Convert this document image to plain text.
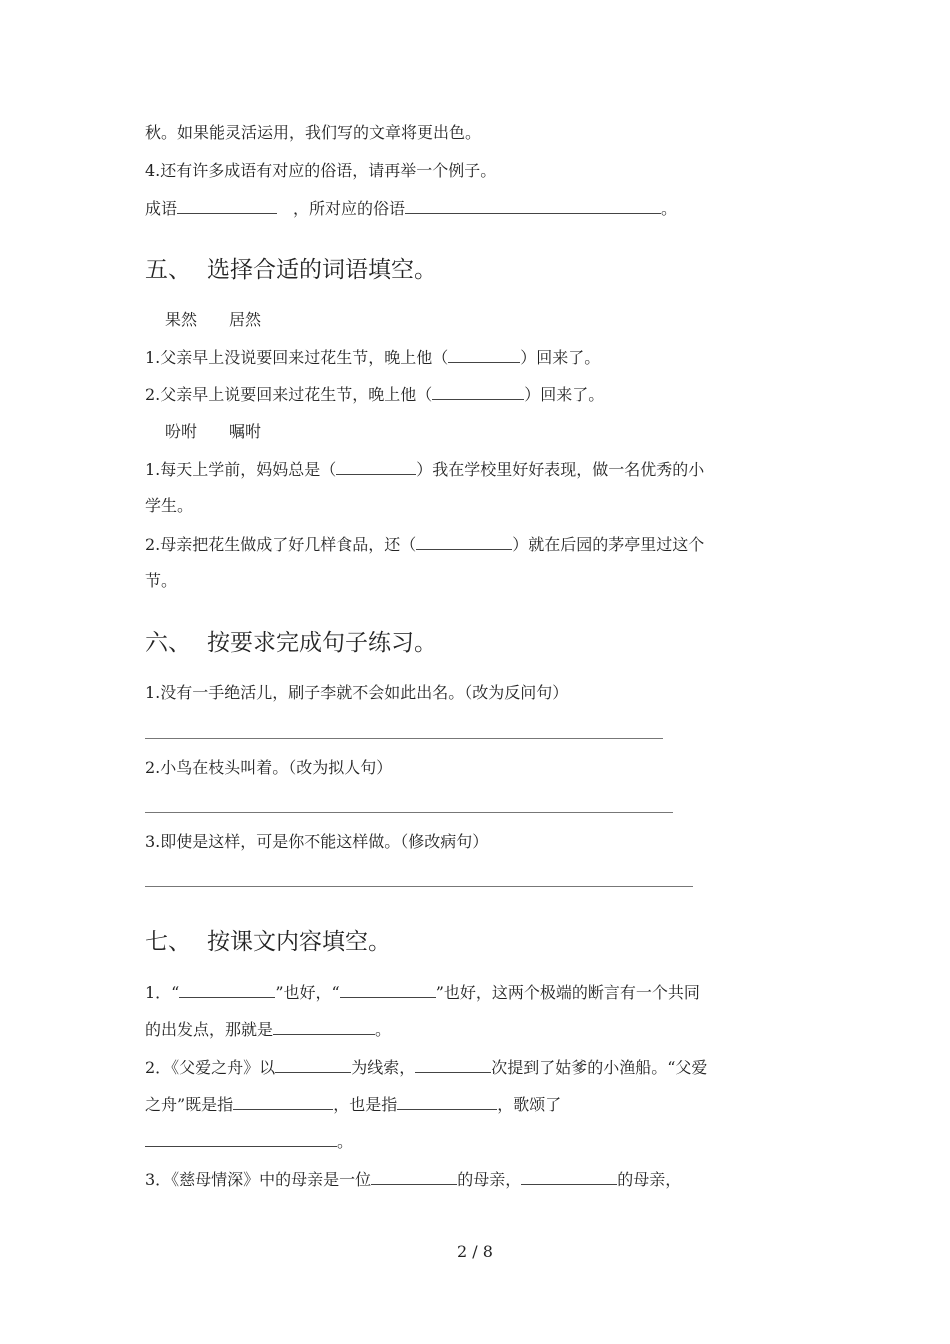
秋。如果能灵活运用，我们写的文章将更出色。
4.还有许多成语有对应的俗语，请再举一个例子。
成语　	，所对应的俗语	。
五、 选择合适的词语填空。
果然　　居然
1.父亲早上没说要回来过花生节，晚上他（	）回来了。
2.父亲早上说要回来过花生节，晚上他（	）回来了。
吩咐　　嘱咐
1.每天上学前，妈妈总是（	）我在学校里好好表现，做一名优秀的小
学生。
2.母亲把花生做成了好几样食品，还（	）就在后园的茅亭里过这个
节。
六、 按要求完成句子练习。
1.没有一手绝活儿，刷子李就不会如此出名。（改为反问句）
2.小鸟在枝头叫着。（改为拟人句）
3.即使是这样，可是你不能这样做。（修改病句）
七、 按课文内容填空。
1．“	”也好，“	”也好，这两个极端的断言有一个共同
的出发点，那就是	。
2．《父爱之舟》以	为线索，	次提到了姑爹的小渔船。“父爱
之舟”既是指	，也是指	，歌颂了
。
3．《慈母情深》中的母亲是一位	的母亲，	的母亲，
2 / 8
